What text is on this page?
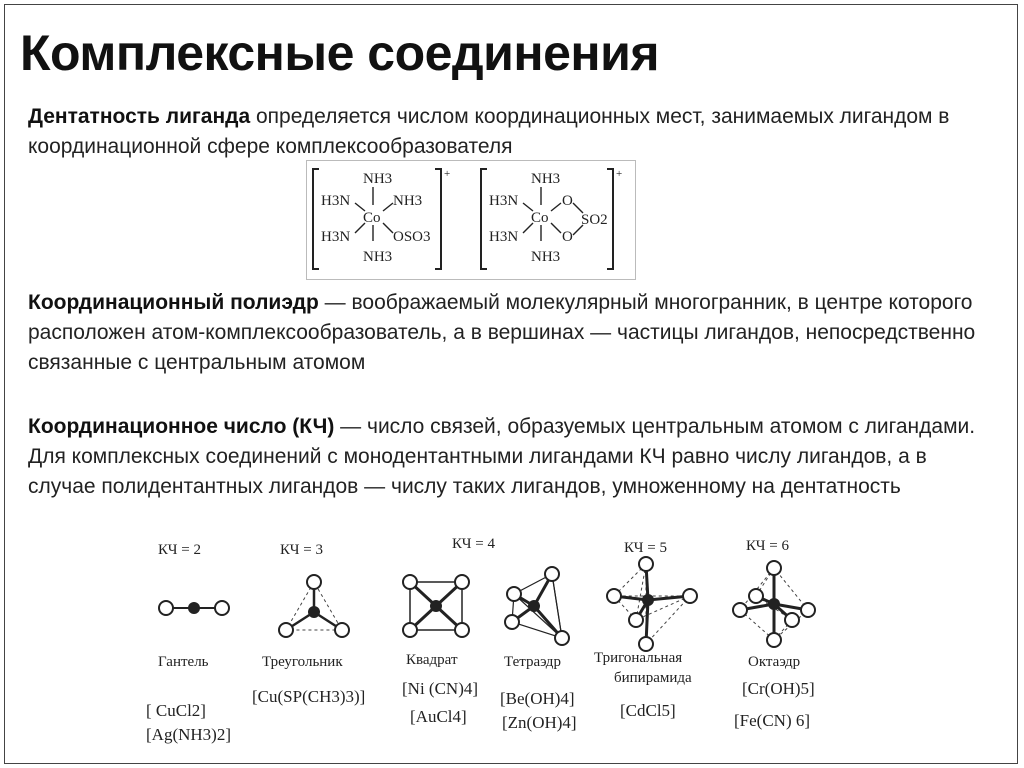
Комплексные соединения
Дентатность лиганда определяется числом координационных мест, занимаемых лигандом в координационной сфере комплексообразователя
+
NH3
H3N
Co
NH3
H3N	OSO3
NH3
+
NH3
H3N
Co
O
O
SO2
H3N
NH3
Координационный полиэдр — воображаемый молекулярный многогранник, в центре которого расположен атом-комплексообразователь, а в вершинах — частицы лигандов, непосредственно связанные с центральным атомом
Координационное число (КЧ) — число связей, образуемых центральным атомом с лигандами. Для комплексных соединений с монодентантными лигандами КЧ равно числу лигандов, а в случае полидентантных лигандов — числу таких лигандов, умноженному на дентатность
КЧ = 2	КЧ = 3	КЧ = 4	КЧ = 5	КЧ = 6
Гантель	Треугольник	Квадрат	Тетраэдр Тригональная
бипирамида
Октаэдр
[ CuCl2]
[Ag(NH3)2]
[Cu(SP(CH3)3)] [Ni (CN)4]
[AuCl4]
[Be(OH)4]
[Zn(OH)4]
[CdCl5]
[Cr(OH)5]
[Fe(CN) 6]
